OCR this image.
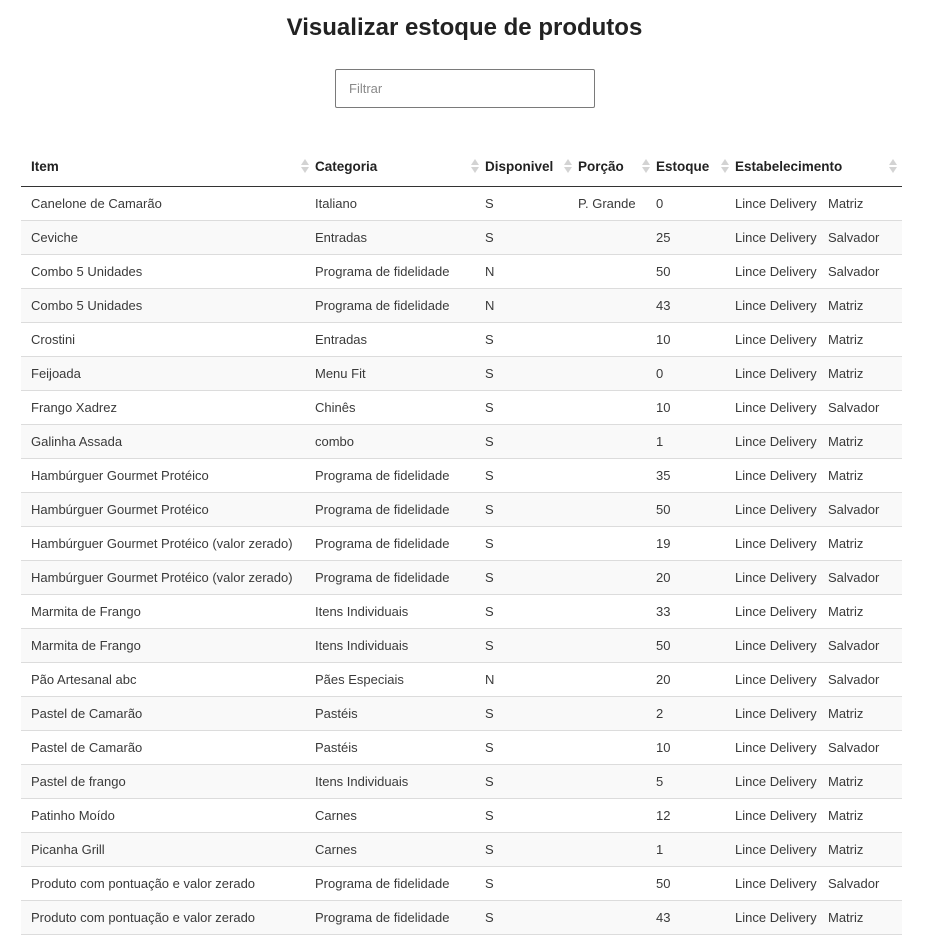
Visualizar estoque de produtos
Filtrar
Item	Categoria	Disponivel	Porção	Estoque	Estabelecimento

Canelone de Camarão	Italiano	S	P. Grande	0	Lince Delivery Matriz
Ceviche	Entradas	S		25	Lince Delivery Salvador
Combo 5 Unidades	Programa de fidelidade	N		50	Lince Delivery Salvador
Combo 5 Unidades	Programa de fidelidade	N		43	Lince Delivery Matriz
Crostini	Entradas	S		10	Lince Delivery Matriz
Feijoada	Menu Fit	S		0	Lince Delivery Matriz
Frango Xadrez	Chinês	S		10	Lince Delivery Salvador
Galinha Assada	combo	S		1	Lince Delivery Matriz
Hambúrguer Gourmet Protéico	Programa de fidelidade	S		35	Lince Delivery Matriz
Hambúrguer Gourmet Protéico	Programa de fidelidade	S		50	Lince Delivery Salvador
Hambúrguer Gourmet Protéico (valor zerado)	Programa de fidelidade	S		19	Lince Delivery Matriz
Hambúrguer Gourmet Protéico (valor zerado)	Programa de fidelidade	S		20	Lince Delivery Salvador
Marmita de Frango	Itens Individuais	S		33	Lince Delivery Matriz
Marmita de Frango	Itens Individuais	S		50	Lince Delivery Salvador
Pão Artesanal abc	Pães Especiais	N		20	Lince Delivery Salvador
Pastel de Camarão	Pastéis	S		2	Lince Delivery Matriz
Pastel de Camarão	Pastéis	S		10	Lince Delivery Salvador
Pastel de frango	Itens Individuais	S		5	Lince Delivery Matriz
Patinho Moído	Carnes	S		12	Lince Delivery Matriz
Picanha Grill	Carnes	S		1	Lince Delivery Matriz
Produto com pontuação e valor zerado	Programa de fidelidade	S		50	Lince Delivery Salvador
Produto com pontuação e valor zerado	Programa de fidelidade	S		43	Lince Delivery Matriz
